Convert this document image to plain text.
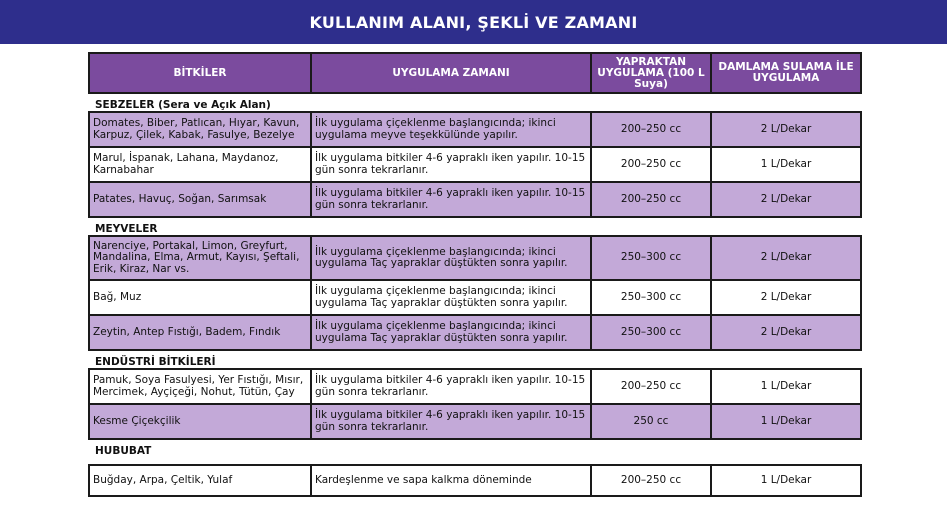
KULLANIM ALANI, ŞEKLİ VE ZAMANI
BİTKİLER	UYGULAMA ZAMANI	YAPRAKTAN UYGULAMA (100 L Suya)	DAMLAMA SULAMA İLE UYGULAMA
SEBZELER (Sera ve Açık Alan)			
Domates, Biber, Patlıcan, Hıyar, Kavun, Karpuz, Çilek, Kabak, Fasulye, Bezelye	İlk uygulama çiçeklenme başlangıcında; ikinci uygulama meyve teşekkülünde yapılır.	200–250 cc	2 L/Dekar
Marul, İspanak, Lahana, Maydanoz, Karnabahar	İlk uygulama bitkiler 4-6 yapraklı iken yapılır. 10-15 gün sonra tekrarlanır.	200–250 cc	1 L/Dekar
Patates, Havuç, Soğan, Sarımsak	İlk uygulama bitkiler 4-6 yapraklı iken yapılır. 10-15 gün sonra tekrarlanır.	200–250 cc	2 L/Dekar
MEYVELER			
Narenciye, Portakal, Limon, Greyfurt, Mandalina, Elma, Armut, Kayısı, Şeftali, Erik, Kiraz, Nar vs.	İlk uygulama çiçeklenme başlangıcında; ikinci uygulama Taç yapraklar düştükten sonra yapılır.	250–300 cc	2 L/Dekar
Bağ, Muz	İlk uygulama çiçeklenme başlangıcında; ikinci uygulama Taç yapraklar düştükten sonra yapılır.	250–300 cc	2 L/Dekar
Zeytin, Antep Fıstığı, Badem, Fındık	İlk uygulama çiçeklenme başlangıcında; ikinci uygulama Taç yapraklar düştükten sonra yapılır.	250–300 cc	2 L/Dekar
ENDÜSTRİ BİTKİLERİ			
Pamuk, Soya Fasulyesi, Yer Fıstığı, Mısır, Mercimek, Ayçiçeği, Nohut, Tütün, Çay	İlk uygulama bitkiler 4-6 yapraklı iken yapılır. 10-15 gün sonra tekrarlanır.	200–250 cc	1 L/Dekar
Kesme Çiçekçilik	İlk uygulama bitkiler 4-6 yapraklı iken yapılır. 10-15 gün sonra tekrarlanır.	250 cc	1 L/Dekar
HUBUBAT			

Buğday, Arpa, Çeltik, Yulaf	Kardeşlenme ve sapa kalkma döneminde	200–250 cc	1 L/Dekar
